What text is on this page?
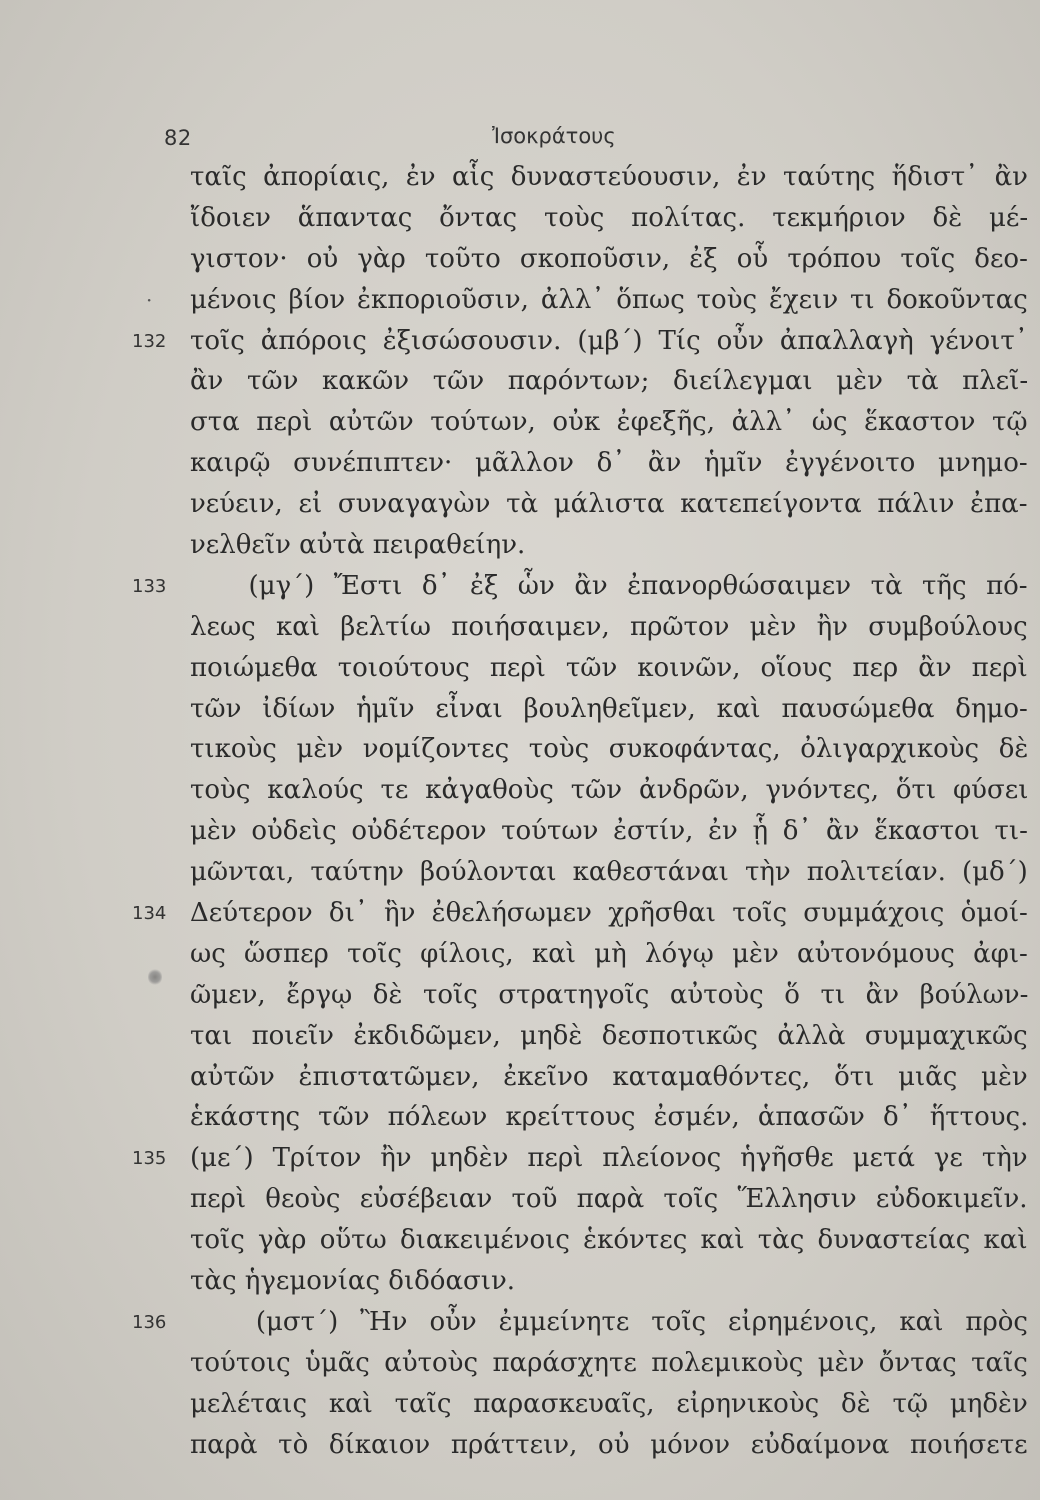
82	Ἰσοκράτους
ταῖς ἀπορίαις, ἐν αἷς δυναστεύουσιν, ἐν ταύτης ἥδιστ᾽ ἂν
ἴδοιεν ἅπαντας ὄντας τοὺς πολίτας. τεκμήριον δὲ μέ-
γιστον· οὐ γὰρ τοῦτο σκοποῦσιν, ἐξ οὗ τρόπου τοῖς δεο-
· μένοις βίον ἐκποριοῦσιν, ἀλλ᾽ ὅπως τοὺς ἔχειν τι δοκοῦντας
132 τοῖς ἀπόροις ἐξισώσουσιν. (μβ´) Τίς οὖν ἀπαλλαγὴ γένοιτ᾽
ἂν τῶν κακῶν τῶν παρόντων; διείλεγμαι μὲν τὰ πλεῖ-
στα περὶ αὐτῶν τούτων, οὐκ ἐφεξῆς, ἀλλ᾽ ὡς ἕκαστον τῷ
καιρῷ συνέπιπτεν· μᾶλλον δ᾽ ἂν ἡμῖν ἐγγένοιτο μνημο-
νεύειν, εἰ συναγαγὼν τὰ μάλιστα κατεπείγοντα πάλιν ἐπα-
νελθεῖν αὐτὰ πειραθείην.
133 (μγ´) Ἔστι δ᾽ ἐξ ὧν ἂν ἐπανορθώσαιμεν τὰ τῆς πό-
λεως καὶ βελτίω ποιήσαιμεν, πρῶτον μὲν ἢν συμβούλους
ποιώμεθα τοιούτους περὶ τῶν κοινῶν, οἵους περ ἂν περὶ
τῶν ἰδίων ἡμῖν εἶναι βουληθεῖμεν, καὶ παυσώμεθα δημο-
τικοὺς μὲν νομίζοντες τοὺς συκοφάντας, ὀλιγαρχικοὺς δὲ
τοὺς καλούς τε κἀγαθοὺς τῶν ἀνδρῶν, γνόντες, ὅτι φύσει
μὲν οὐδεὶς οὐδέτερον τούτων ἐστίν, ἐν ᾗ δ᾽ ἂν ἕκαστοι τι-
μῶνται, ταύτην βούλονται καθεστάναι τὴν πολιτείαν. (μδ´)
134 Δεύτερον δι᾽ ἣν ἐθελήσωμεν χρῆσθαι τοῖς συμμάχοις ὁμοί-
ως ὥσπερ τοῖς φίλοις, καὶ μὴ λόγῳ μὲν αὐτονόμους ἀφι-
ῶμεν, ἔργῳ δὲ τοῖς στρατηγοῖς αὐτοὺς ὅ τι ἂν βούλων-
ται ποιεῖν ἐκδιδῶμεν, μηδὲ δεσποτικῶς ἀλλὰ συμμαχικῶς
αὐτῶν ἐπιστατῶμεν, ἐκεῖνο καταμαθόντες, ὅτι μιᾶς μὲν
ἑκάστης τῶν πόλεων κρείττους ἐσμέν, ἁπασῶν δ᾽ ἥττους.
135 (με´) Τρίτον ἢν μηδὲν περὶ πλείονος ἡγῆσθε μετά γε τὴν
περὶ θεοὺς εὐσέβειαν τοῦ παρὰ τοῖς Ἕλλησιν εὐδοκιμεῖν.
τοῖς γὰρ οὕτω διακειμένοις ἑκόντες καὶ τὰς δυναστείας καὶ
τὰς ἡγεμονίας διδόασιν.
136 (μστ´) Ἢν οὖν ἐμμείνητε τοῖς εἰρημένοις, καὶ πρὸς
τούτοις ὑμᾶς αὐτοὺς παράσχητε πολεμικοὺς μὲν ὄντας ταῖς
μελέταις καὶ ταῖς παρασκευαῖς, εἰρηνικοὺς δὲ τῷ μηδὲν
παρὰ τὸ δίκαιον πράττειν, οὐ μόνον εὐδαίμονα ποιήσετε
